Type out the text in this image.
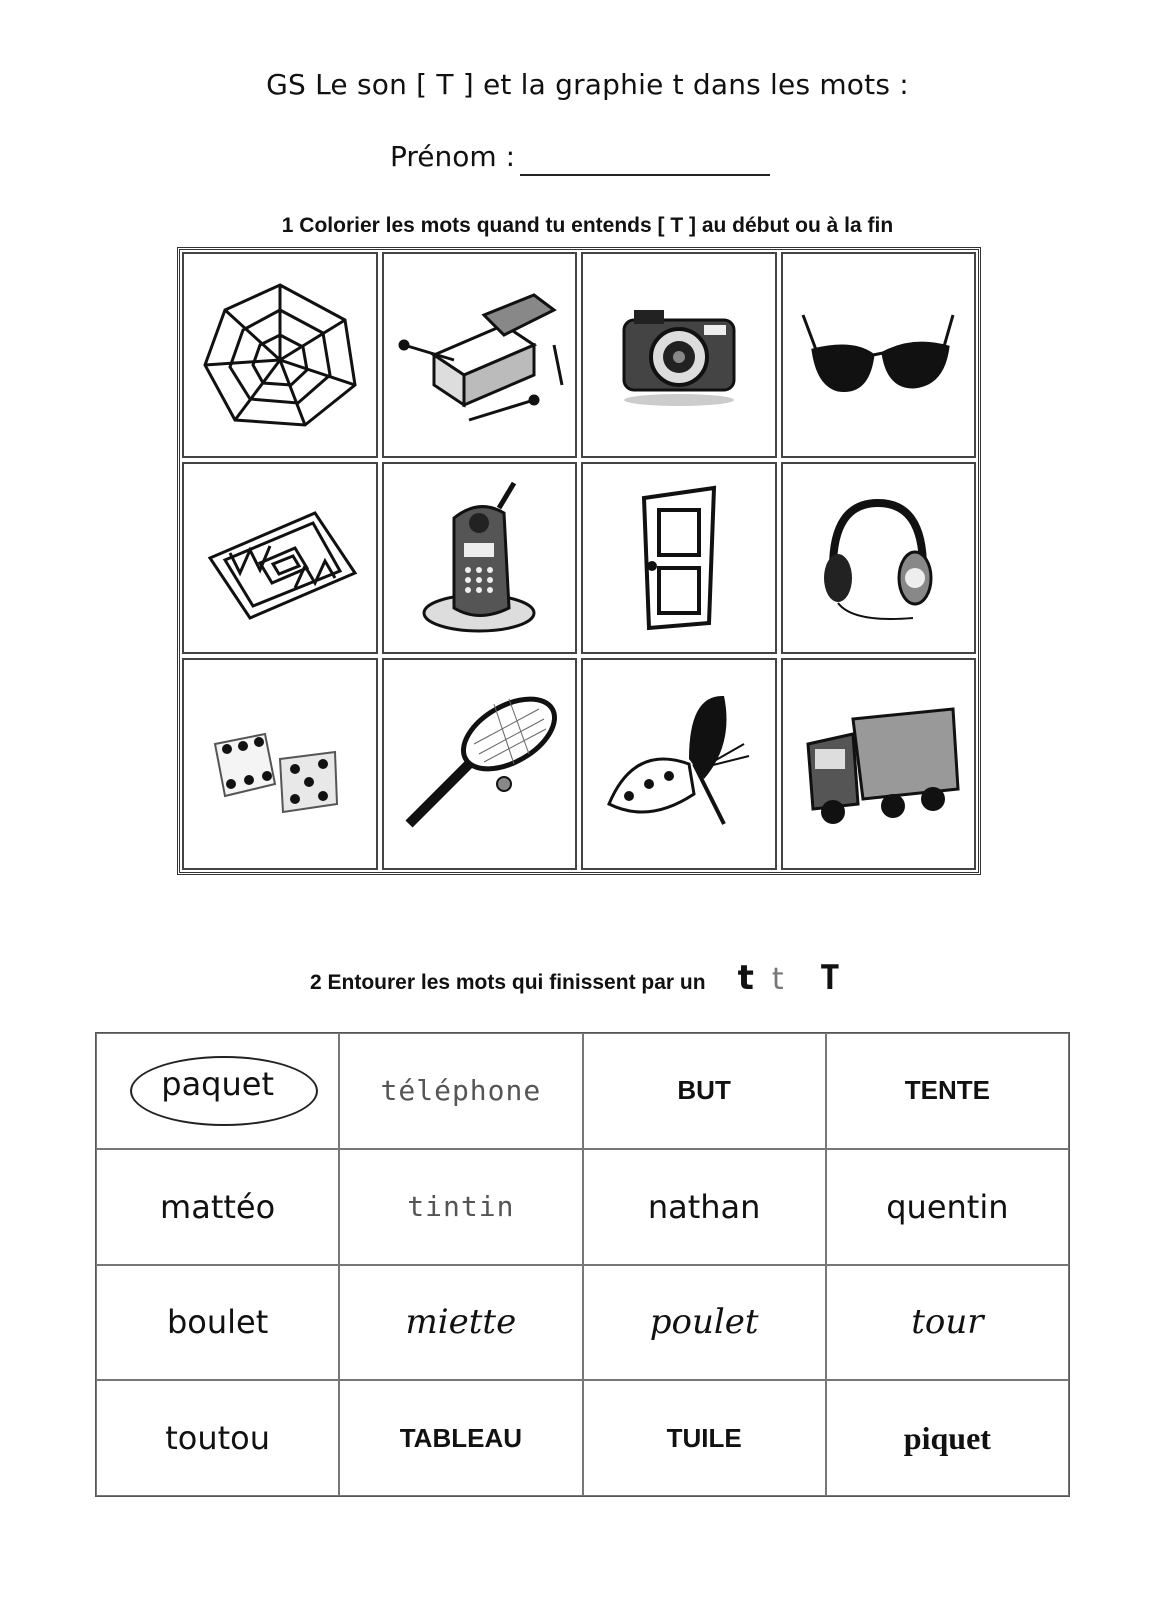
GS Le son [ T ] et la graphie t dans les mots :
Prénom :
1 Colorier les mots quand tu entends [ T ] au début ou à la fin
2 Entourer les mots qui finissent par un t t T
paquet	téléphone	BUT	TENTE
mattéo	tintin	nathan	quentin
boulet	miette	poulet	tour
toutou	TABLEAU	TUILE	piquet
